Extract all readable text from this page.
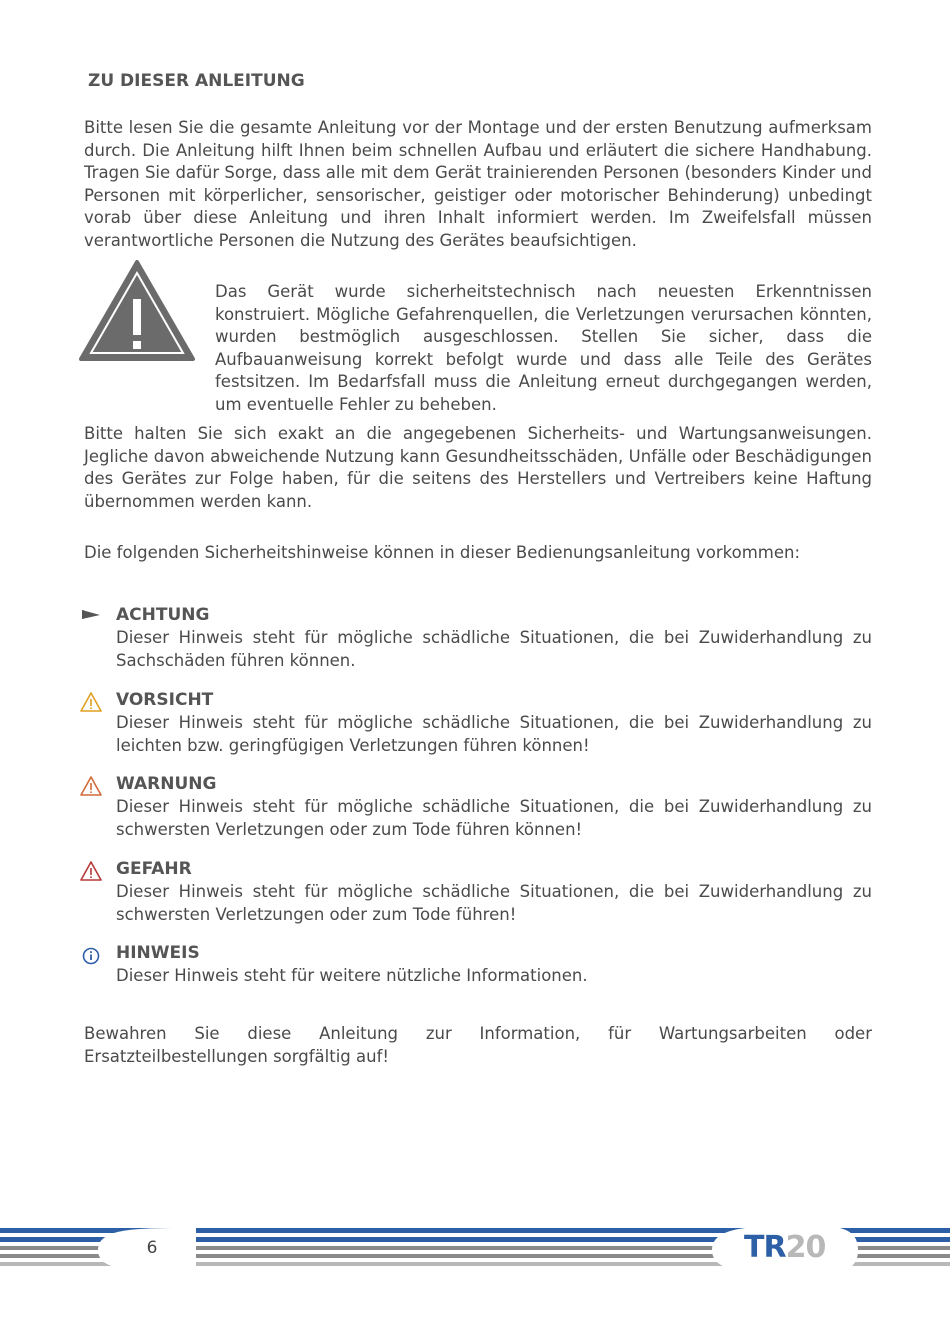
ZU DIESER ANLEITUNG

Bitte lesen Sie die gesamte Anleitung vor der Montage und der ersten Benutzung aufmerksam durch. Die Anleitung hilft Ihnen beim schnellen Aufbau und erläutert die sichere Handhabung. Tragen Sie dafür Sorge, dass alle mit dem Gerät trainierenden Personen (besonders Kinder und Personen mit körperlicher, sensorischer, geistiger oder motorischer Behinderung) unbedingt vorab über diese Anleitung und ihren Inhalt informiert werden. Im Zweifelsfall müssen verantwortliche Personen die Nutzung des Gerätes beaufsichtigen.

Das Gerät wurde sicherheitstechnisch nach neuesten Erkenntnissen konstruiert. Mögliche Gefahrenquellen, die Verletzungen verursachen könnten, wurden bestmöglich ausgeschlossen. Stellen Sie sicher, dass die Aufbauanweisung korrekt befolgt wurde und dass alle Teile des Gerätes festsitzen. Im Bedarfsfall muss die Anleitung erneut durchgegangen werden, um eventuelle Fehler zu beheben.

Bitte halten Sie sich exakt an die angegebenen Sicherheits- und Wartungsanweisungen. Jegliche davon abweichende Nutzung kann Gesundheitsschäden, Unfälle oder Beschädigungen des Gerätes zur Folge haben, für die seitens des Herstellers und Vertreibers keine Haftung übernommen werden kann.

Die folgenden Sicherheitshinweise können in dieser Bedienungsanleitung vorkommen:

ACHTUNG

Dieser Hinweis steht für mögliche schädliche Situationen, die bei Zuwiderhandlung zu Sachschäden führen können.

VORSICHT

Dieser Hinweis steht für mögliche schädliche Situationen, die bei Zuwiderhandlung zu leichten bzw. geringfügigen Verletzungen führen können!

WARNUNG

Dieser Hinweis steht für mögliche schädliche Situationen, die bei Zuwiderhandlung zu schwersten Verletzungen oder zum Tode führen können!

GEFAHR

Dieser Hinweis steht für mögliche schädliche Situationen, die bei Zuwiderhandlung zu schwersten Verletzungen oder zum Tode führen!

HINWEIS

Dieser Hinweis steht für weitere nützliche Informationen.

Bewahren Sie diese Anleitung zur Information, für Wartungsarbeiten oder Ersatzteilbestellungen sorgfältig auf!

6	TR20
